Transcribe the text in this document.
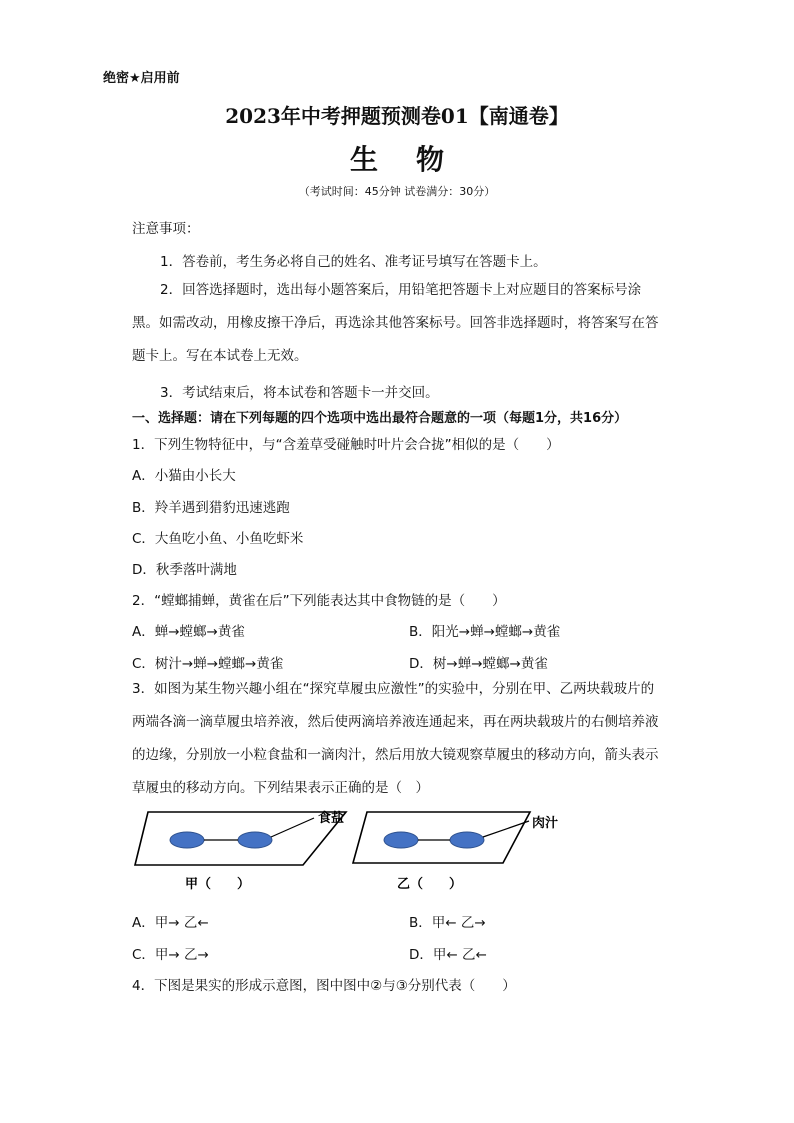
绝密★启用前
2023年中考押题预测卷01【南通卷】
生 物
（考试时间：45分钟 试卷满分：30分）
注意事项：
1．答卷前，考生务必将自己的姓名、准考证号填写在答题卡上。
2．回答选择题时，选出每小题答案后，用铅笔把答题卡上对应题目的答案标号涂黑。如需改动，用橡皮擦干净后，再选涂其他答案标号。回答非选择题时，将答案写在答题卡上。写在本试卷上无效。
3．考试结束后，将本试卷和答题卡一并交回。
一、选择题：请在下列每题的四个选项中选出最符合题意的一项（每题1分，共16分）
1．下列生物特征中，与“含羞草受碰触时叶片会合拢”相似的是（　　）
A．小猫由小长大
B．羚羊遇到猎豹迅速逃跑
C．大鱼吃小鱼、小鱼吃虾米
D．秋季落叶满地
2．“螳螂捕蝉，黄雀在后”下列能表达其中食物链的是（　　）
A．蝉→螳螂→黄雀	B．阳光→蝉→螳螂→黄雀
C．树汁→蝉→螳螂→黄雀	D．树→蝉→螳螂→黄雀
3．如图为某生物兴趣小组在“探究草履虫应激性”的实验中，分别在甲、乙两块载玻片的两端各滴一滴草履虫培养液，然后使两滴培养液连通起来，再在两块载玻片的右侧培养液的边缘，分别放一小粒食盐和一滴肉汁，然后用放大镜观察草履虫的移动方向，箭头表示草履虫的移动方向。下列结果表示正确的是（　）
食盐
甲（　　）
肉汁
乙（　　）
A．甲→ 乙←	B．甲← 乙→
C．甲→ 乙→	D．甲← 乙←
4．下图是果实的形成示意图，图中图中②与③分别代表（　　）
